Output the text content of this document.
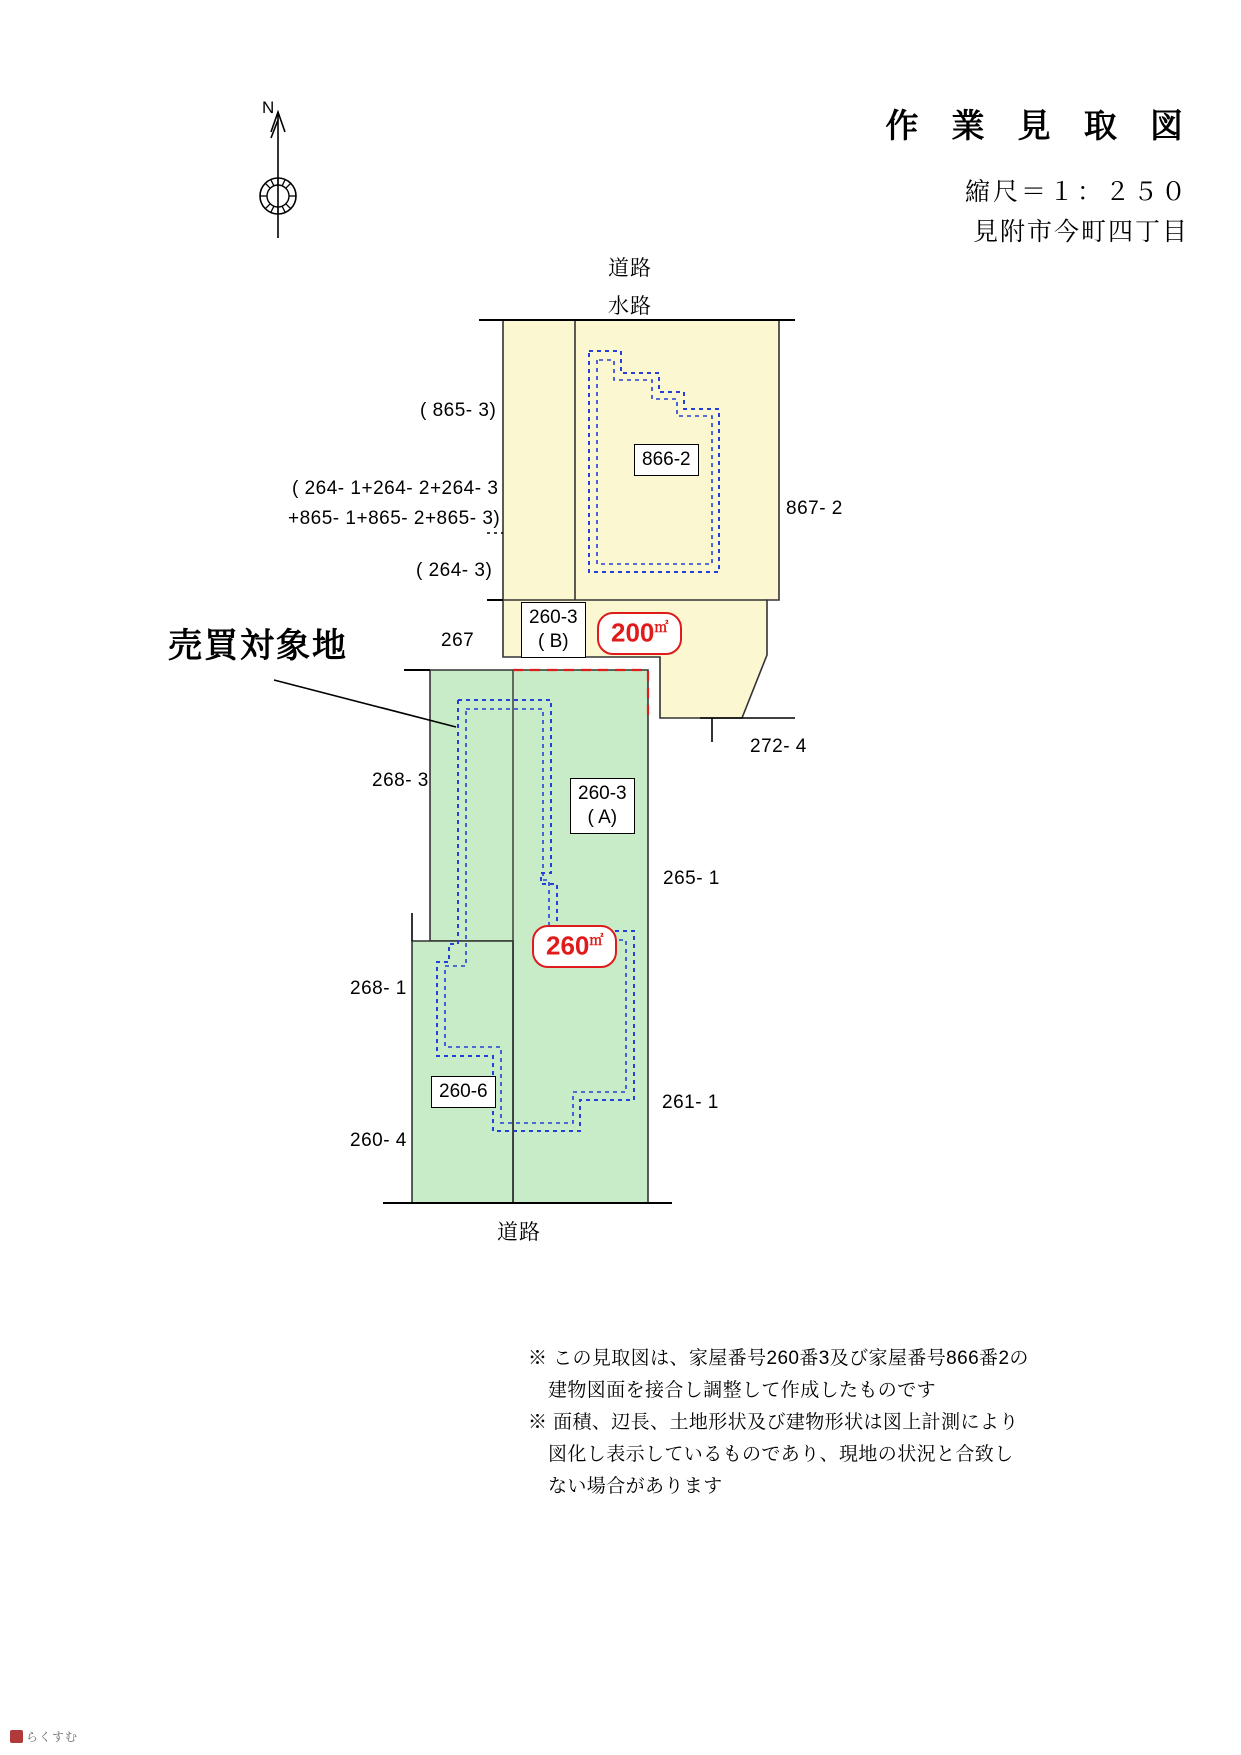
作 業 見 取 図
縮尺＝１：２５０
見附市今町四丁目
N
道路
水路
道路
売買対象地
( 865- 3)
( 264- 1+264- 2+264- 3
+865- 1+865- 2+865- 3)
( 264- 3)
267
867- 2
272- 4
268- 3
265- 1
268- 1
261- 1
260- 4
866-2
260-3
( B)
260-3
( A)
260-6
200㎡
260㎡
※ この見取図は、家屋番号260番3及び家屋番号866番2の
建物図面を接合し調整して作成したものです
※ 面積、辺長、土地形状及び建物形状は図上計測により
図化し表示しているものであり、現地の状況と合致し
ない場合があります
らくすむ
